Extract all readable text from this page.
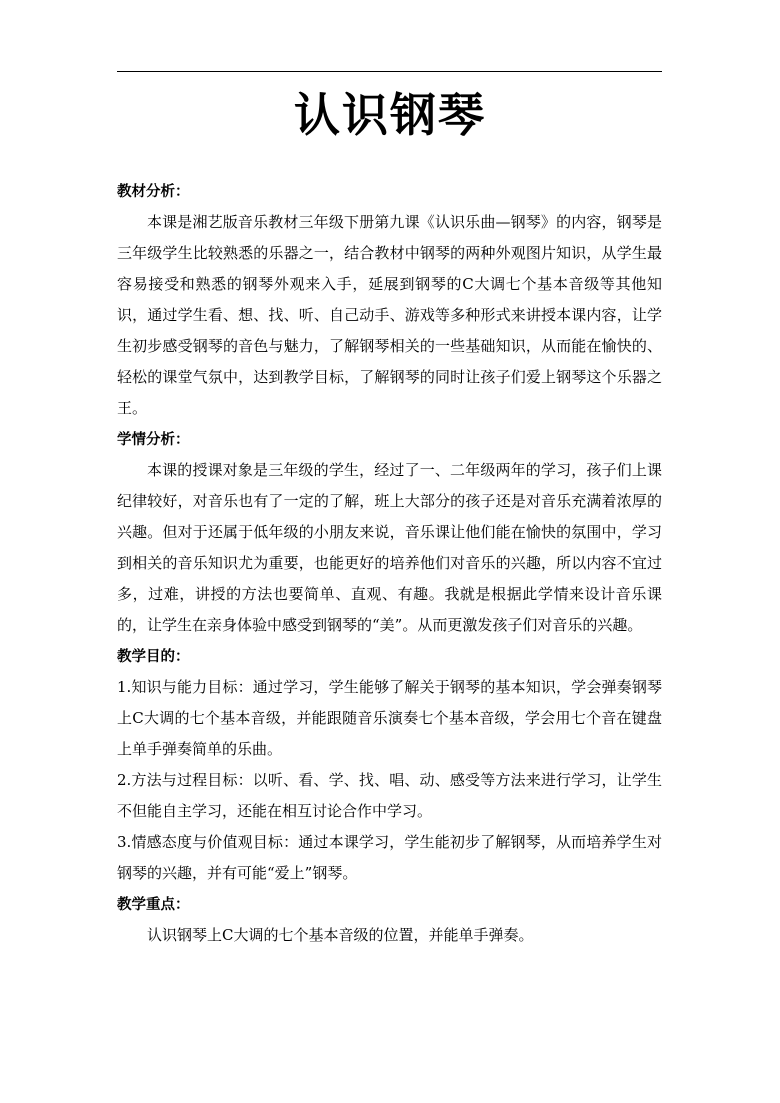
认识钢琴
教材分析：

本课是湘艺版音乐教材三年级下册第九课《认识乐曲—钢琴》的内容，钢琴是三年级学生比较熟悉的乐器之一，结合教材中钢琴的两种外观图片知识，从学生最容易接受和熟悉的钢琴外观来入手，延展到钢琴的C大调七个基本音级等其他知识，通过学生看、想、找、听、自己动手、游戏等多种形式来讲授本课内容，让学生初步感受钢琴的音色与魅力，了解钢琴相关的一些基础知识，从而能在愉快的、轻松的课堂气氛中，达到教学目标，了解钢琴的同时让孩子们爱上钢琴这个乐器之王。

学情分析：

本课的授课对象是三年级的学生，经过了一、二年级两年的学习，孩子们上课纪律较好，对音乐也有了一定的了解，班上大部分的孩子还是对音乐充满着浓厚的兴趣。但对于还属于低年级的小朋友来说，音乐课让他们能在愉快的氛围中，学习到相关的音乐知识尤为重要，也能更好的培养他们对音乐的兴趣，所以内容不宜过多，过难，讲授的方法也要简单、直观、有趣。我就是根据此学情来设计音乐课的，让学生在亲身体验中感受到钢琴的“美”。从而更激发孩子们对音乐的兴趣。

教学目的：

1.知识与能力目标：通过学习，学生能够了解关于钢琴的基本知识，学会弹奏钢琴上C大调的七个基本音级，并能跟随音乐演奏七个基本音级，学会用七个音在键盘上单手弹奏简单的乐曲。

2.方法与过程目标：以听、看、学、找、唱、动、感受等方法来进行学习，让学生不但能自主学习，还能在相互讨论合作中学习。

3.情感态度与价值观目标：通过本课学习，学生能初步了解钢琴，从而培养学生对钢琴的兴趣，并有可能“爱上”钢琴。

教学重点：

认识钢琴上C大调的七个基本音级的位置，并能单手弹奏。
